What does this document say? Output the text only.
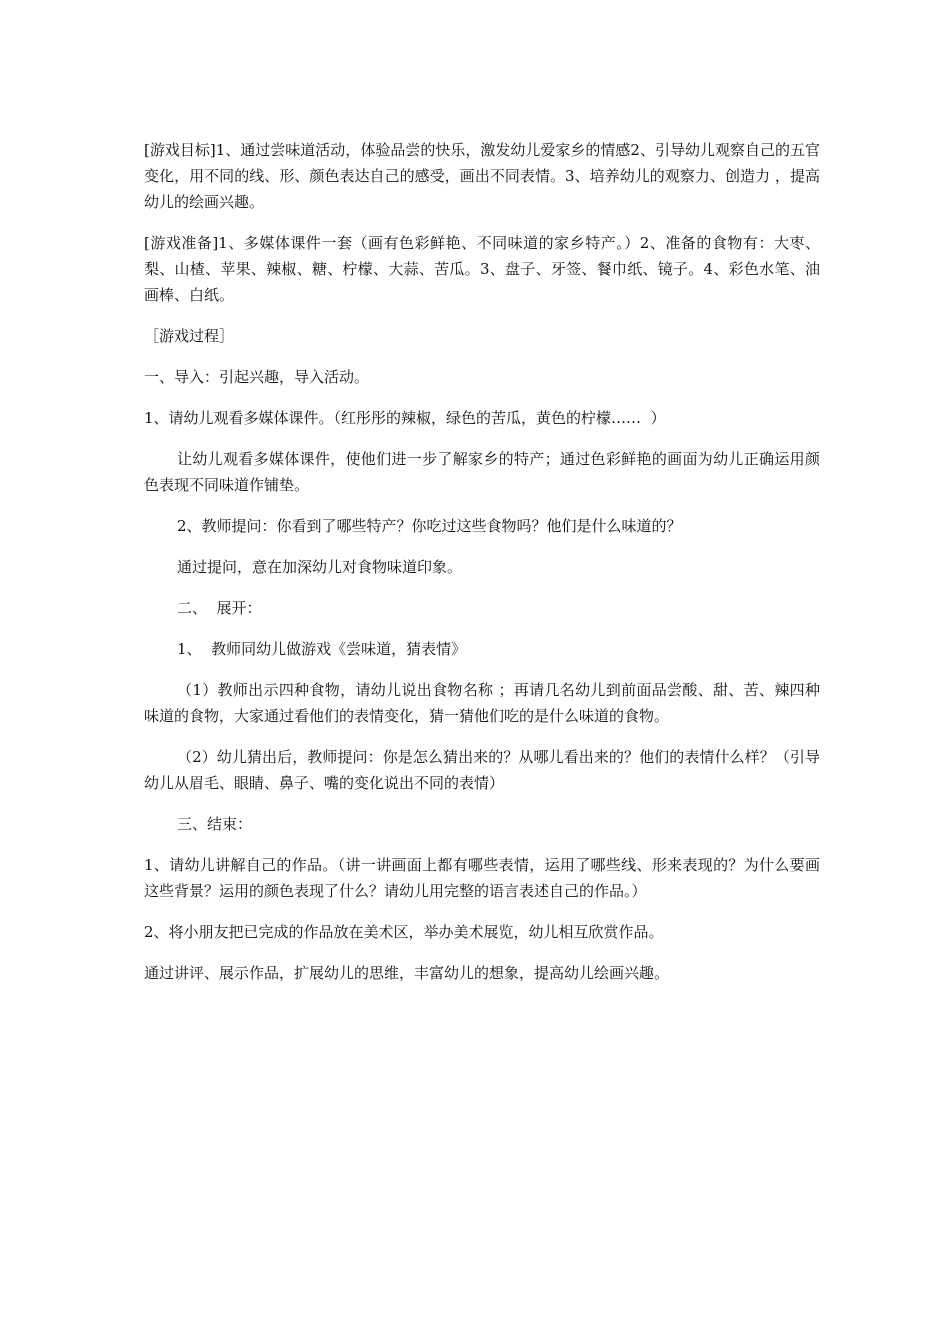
[游戏目标]1、通过尝味道活动，体验品尝的快乐，激发幼儿爱家乡的情感2、引导幼儿观察自己的五官变化，用不同的线、形、颜色表达自己的感受，画出不同表情。3、培养幼儿的观察力、创造力 ，提高幼儿的绘画兴趣。

[游戏准备]1、多媒体课件一套（画有色彩鲜艳、不同味道的家乡特产。）2、准备的食物有：大枣、梨、山楂、苹果、辣椒、糖、柠檬、大蒜、苦瓜。3、盘子、牙签、餐巾纸、镜子。4、彩色水笔、油画棒、白纸。

［游戏过程］

一、导入：引起兴趣，导入活动。

1、请幼儿观看多媒体课件。（红彤彤的辣椒，绿色的苦瓜，黄色的柠檬……  ）

让幼儿观看多媒体课件，使他们进一步了解家乡的特产；通过色彩鲜艳的画面为幼儿正确运用颜色表现不同味道作铺垫。

2、教师提问：你看到了哪些特产？你吃过这些食物吗？他们是什么味道的？

通过提问，意在加深幼儿对食物味道印象。

二、  展开：

1、  教师同幼儿做游戏《尝味道，猜表情》

（1）教师出示四种食物，请幼儿说出食物名称 ；再请几名幼儿到前面品尝酸、甜、苦、辣四种味道的食物，大家通过看他们的表情变化，猜一猜他们吃的是什么味道的食物。

（2）幼儿猜出后，教师提问：你是怎么猜出来的？从哪儿看出来的？他们的表情什么样？（引导幼儿从眉毛、眼睛、鼻子、嘴的变化说出不同的表情）

三、结束：

1、请幼儿讲解自己的作品。（讲一讲画面上都有哪些表情，运用了哪些线、形来表现的？为什么要画这些背景？运用的颜色表现了什么？请幼儿用完整的语言表述自己的作品。）

2、将小朋友把已完成的作品放在美术区，举办美术展览，幼儿相互欣赏作品。

通过讲评、展示作品，扩展幼儿的思维，丰富幼儿的想象，提高幼儿绘画兴趣。
